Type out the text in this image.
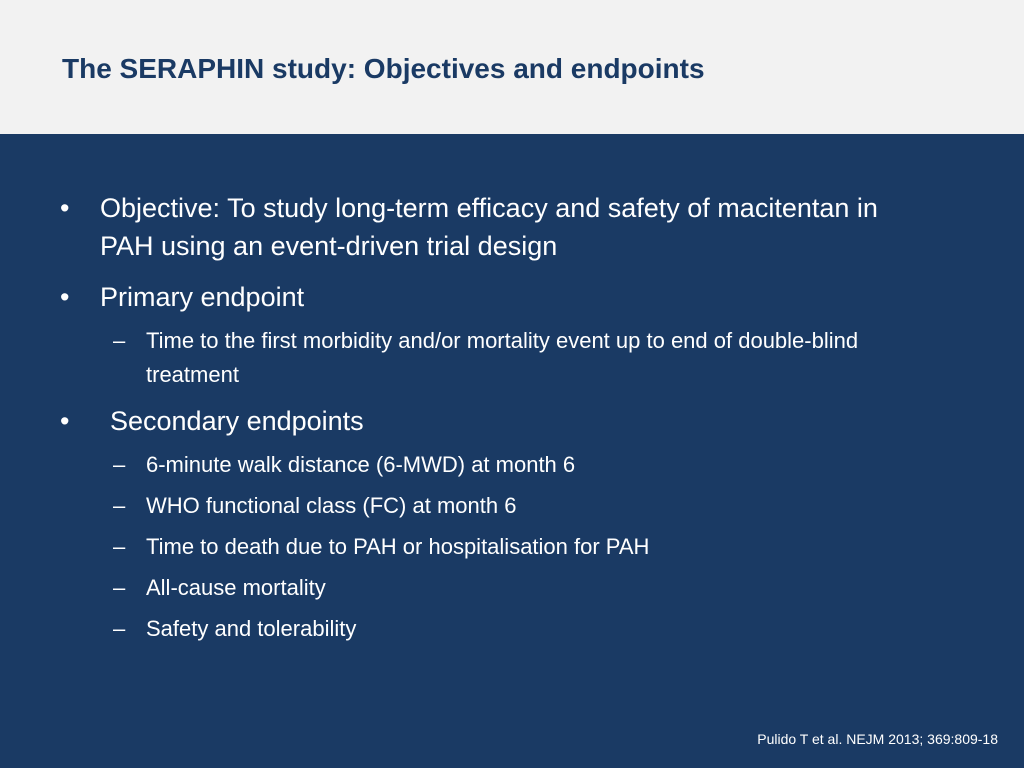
The SERAPHIN study: Objectives and endpoints
• Objective: To study long-term efficacy and safety of macitentan in PAH using an event-driven trial design
• Primary endpoint
– Time to the first morbidity and/or mortality event up to end of double-blind treatment
• Secondary endpoints
– 6-minute walk distance (6-MWD) at month 6
– WHO functional class (FC) at month 6
– Time to death due to PAH or hospitalisation for PAH
– All-cause mortality
– Safety and tolerability
Pulido T et al. NEJM 2013; 369:809-18
